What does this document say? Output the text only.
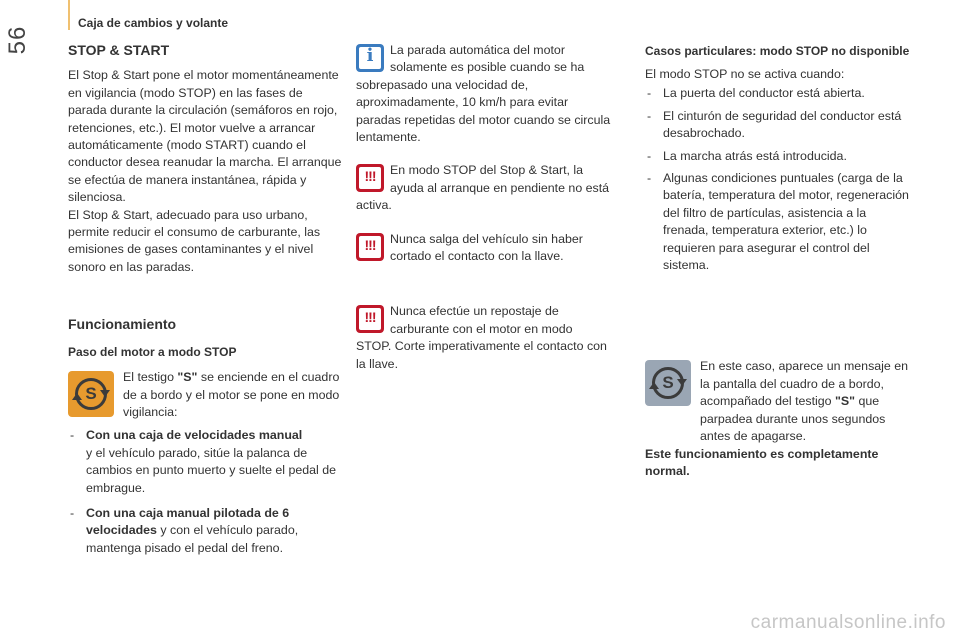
56
Caja de cambios y volante
STOP & START

El Stop & Start pone el motor momentáneamente en vigilancia (modo STOP) en las fases de parada durante la circulación (semáforos en rojo, retenciones, etc.). El motor vuelve a arrancar automáticamente (modo START) cuando el conductor desea reanudar la marcha. El arranque se efectúa de manera instantánea, rápida y silenciosa.

El Stop & Start, adecuado para uso urbano, permite reducir el consumo de carburante, las emisiones de gases contaminantes y el nivel sonoro en las paradas.

Funcionamiento
Paso del motor a modo STOP
S

El testigo "S" se enciende en el cuadro de a bordo y el motor se pone en modo vigilancia:

- Con una caja de velocidades manual
y el vehículo parado, sitúe la palanca de cambios en punto muerto y suelte el pedal de embrague.
- Con una caja manual pilotada de 6 velocidades y con el vehículo parado, mantenga pisado el pedal del freno.
i

La parada automática del motor solamente es posible cuando se ha sobrepasado una velocidad de, aproximadamente, 10 km/h para evitar paradas repetidas del motor cuando se circula lentamente.

!!!

En modo STOP del Stop & Start, la ayuda al arranque en pendiente no está activa.

!!!

Nunca salga del vehículo sin haber cortado el contacto con la llave.

!!!

Nunca efectúe un repostaje de carburante con el motor en modo STOP. Corte imperativamente el contacto con la llave.

Casos particulares: modo STOP no disponible

El modo STOP no se activa cuando:

- La puerta del conductor está abierta.
- El cinturón de seguridad del conductor está desabrochado.
- La marcha atrás está introducida.
- Algunas condiciones puntuales (carga de la batería, temperatura del motor, regeneración del filtro de partículas, asistencia a la frenada, temperatura exterior, etc.) lo requieren para asegurar el control del sistema.
S

En este caso, aparece un mensaje en la pantalla del cuadro de a bordo, acompañado del testigo "S" que parpadea durante unos segundos antes de apagarse.

Este funcionamiento es completamente normal.

carmanualsonline.info
